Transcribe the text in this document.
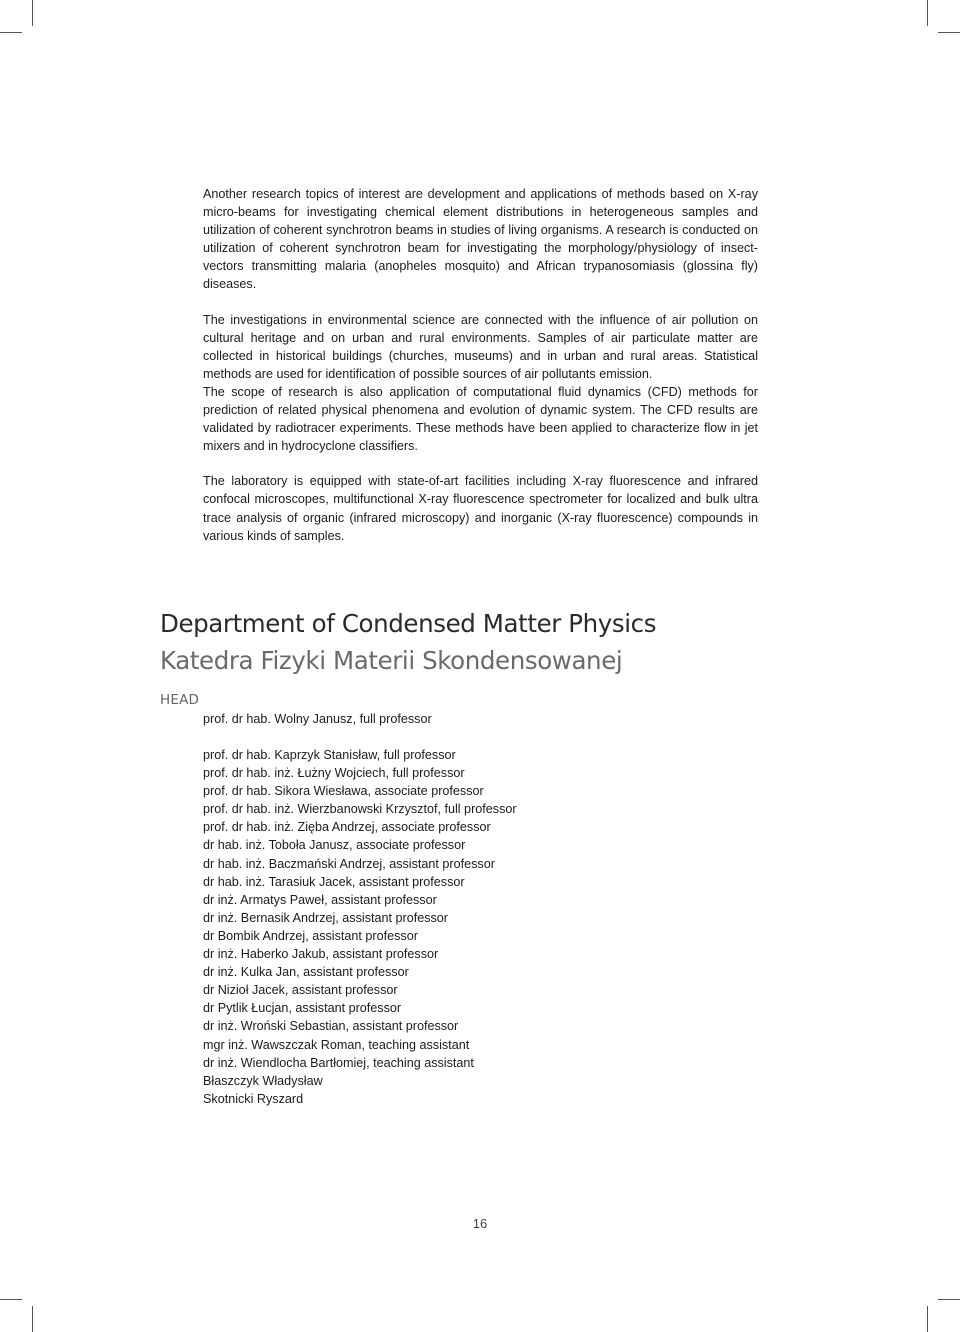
Another research topics of interest are development and applications of methods based on X-ray micro-beams for investigating chemical element distributions in heterogeneous samples and utilization of coherent synchrotron beams in studies of living organisms. A research is conducted on utilization of coherent synchrotron beam for investigating the morphology/physiology of insect-vectors transmitting malaria (anopheles mosquito) and African trypanosomiasis (glossina fly) diseases.

The investigations in environmental science are connected with the influence of air pollution on cultural heritage and on urban and rural environments. Samples of air particulate matter are collected in historical buildings (churches, museums) and in urban and rural areas. Statistical methods are used for identification of possible sources of air pollutants emission.

The scope of research is also application of computational fluid dynamics (CFD) methods for prediction of related physical phenomena and evolution of dynamic system. The CFD results are validated by radiotracer experiments. These methods have been applied to characterize flow in jet mixers and in hydrocyclone classifiers.

The laboratory is equipped with state-of-art facilities including X-ray fluorescence and infrared confocal microscopes, multifunctional X-ray fluorescence spectrometer for localized and bulk ultra trace analysis of organic (infrared microscopy) and inorganic (X-ray fluorescence) compounds in various kinds of samples.

Department of Condensed Matter Physics
Katedra Fizyki Materii Skondensowanej
HEAD
prof. dr hab. Wolny Janusz, full professor
prof. dr hab. Kaprzyk Stanisław, full professor
prof. dr hab. inż. Łużny Wojciech, full professor
prof. dr hab. Sikora Wiesława, associate professor
prof. dr hab. inż. Wierzbanowski Krzysztof, full professor
prof. dr hab. inż. Zięba Andrzej, associate professor
dr hab. inż. Toboła Janusz, associate professor
dr hab. inż. Baczmański Andrzej, assistant professor
dr hab. inż. Tarasiuk Jacek, assistant professor
dr inż. Armatys Paweł, assistant professor
dr inż. Bernasik Andrzej, assistant professor
dr Bombik Andrzej, assistant professor
dr inż. Haberko Jakub, assistant professor
dr inż. Kulka Jan, assistant professor
dr Nizioł Jacek, assistant professor
dr Pytlik Łucjan, assistant professor
dr inż. Wroński Sebastian, assistant professor
mgr inż. Wawszczak Roman, teaching assistant
dr inż. Wiendlocha Bartłomiej, teaching assistant
Błaszczyk Władysław
Skotnicki Ryszard
16
